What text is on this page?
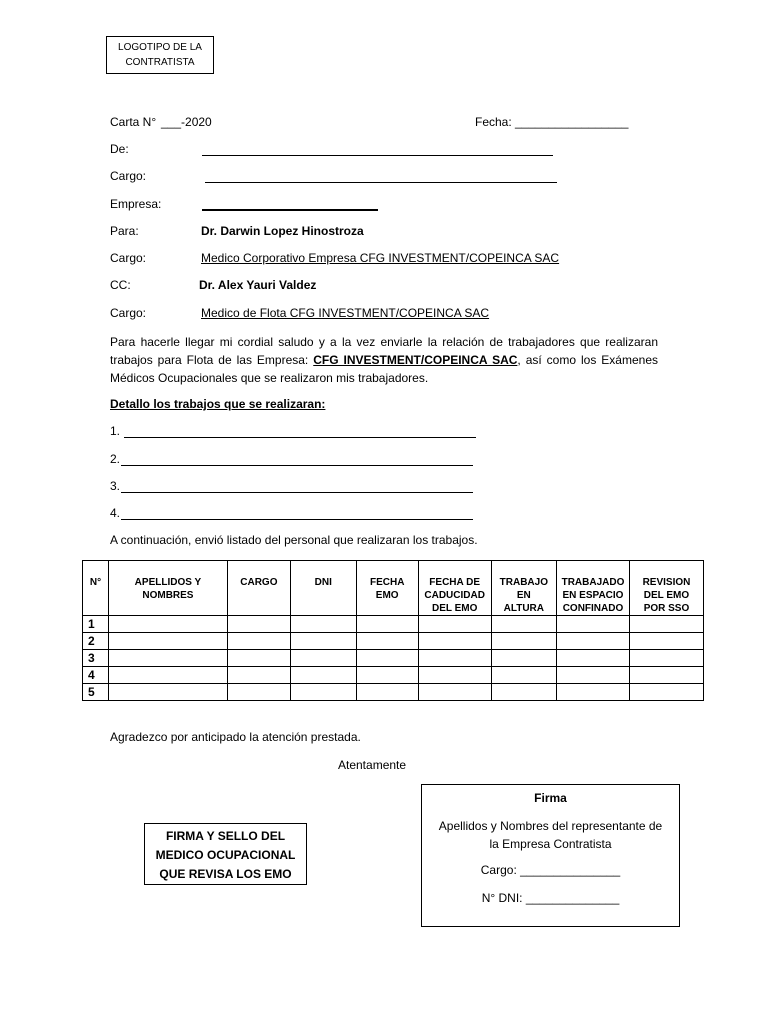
LOGOTIPO DE LA CONTRATISTA
Carta N° ___-2020	Fecha: _________________
De:
Cargo:
Empresa:
Para:	Dr. Darwin Lopez Hinostroza
Cargo:	Medico Corporativo Empresa CFG INVESTMENT/COPEINCA SAC
CC:	Dr. Alex Yauri Valdez
Cargo:	Medico de Flota CFG INVESTMENT/COPEINCA SAC
Para hacerle llegar mi cordial saludo y a la vez enviarle la relación de trabajadores que realizaran trabajos para Flota de las Empresa: CFG INVESTMENT/COPEINCA SAC, así como los Exámenes Médicos Ocupacionales que se realizaron mis trabajadores.
Detallo los trabajos que se realizaran:
1.
2.
3.
4.
A continuación, envió listado del personal que realizaran los trabajos.
N°	APELLIDOS Y NOMBRES	CARGO	DNI	FECHA EMO	FECHA DE CADUCIDAD DEL EMO	TRABAJO EN ALTURA	TRABAJADO EN ESPACIO CONFINADO	REVISION DEL EMO POR SSO
1								
2								
3								
4								
5								
Agradezco por anticipado la atención prestada.
Atentamente
FIRMA Y SELLO DEL MEDICO OCUPACIONAL QUE REVISA LOS EMO
Firma
Apellidos y Nombres del representante de la Empresa Contratista
Cargo: _______________
N° DNI: ______________
